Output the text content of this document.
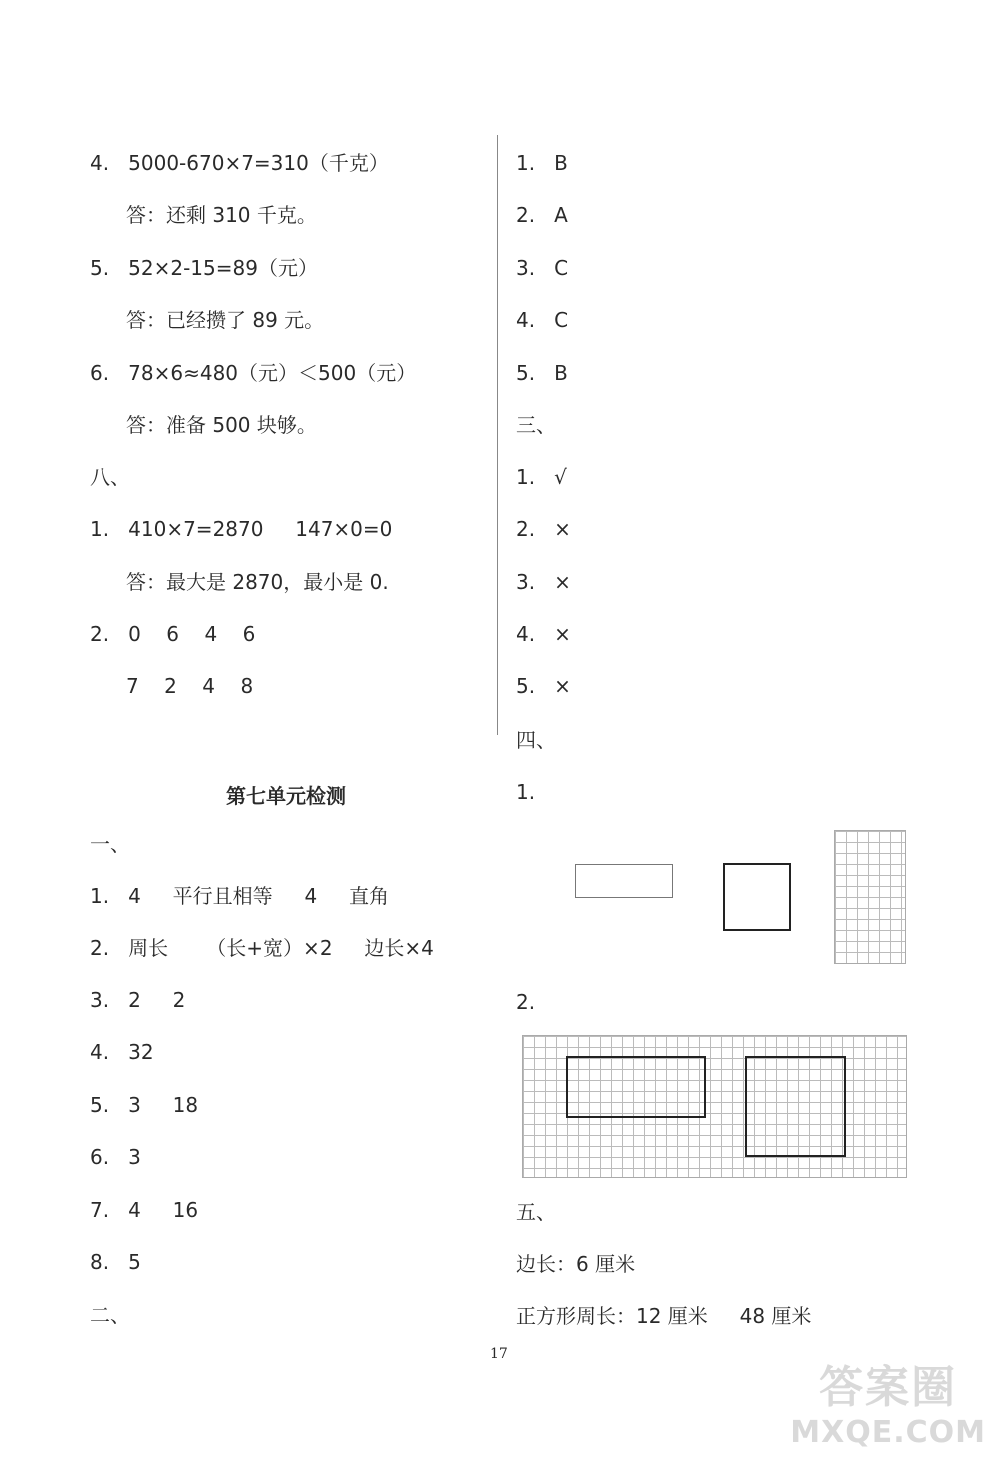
4.   5000-670×7=310（千克）
答：还剩 310 千克。
5.   52×2-15=89（元）
答：已经攒了 89 元。
6.   78×6≈480（元）＜500（元）
答：准备 500 块够。
八、
1.   410×7=2870     147×0=0
答：最大是 2870，最小是 0.
2.   0    6    4    6
7    2    4    8
第七单元检测
一、
1.   4     平行且相等     4     直角
2.   周长      （长+宽）×2     边长×4
3.   2     2
4.   32
5.   3     18
6.   3
7.   4     16
8.   5
二、
1.   B
2.   A
3.   C
4.   C
5.   B
三、
1.   √
2.   ×
3.   ×
4.   ×
5.   ×
四、
1.
2.
五、
边长：6 厘米
正方形周长：12 厘米     48 厘米
17
答案圈
MXQE.COM
